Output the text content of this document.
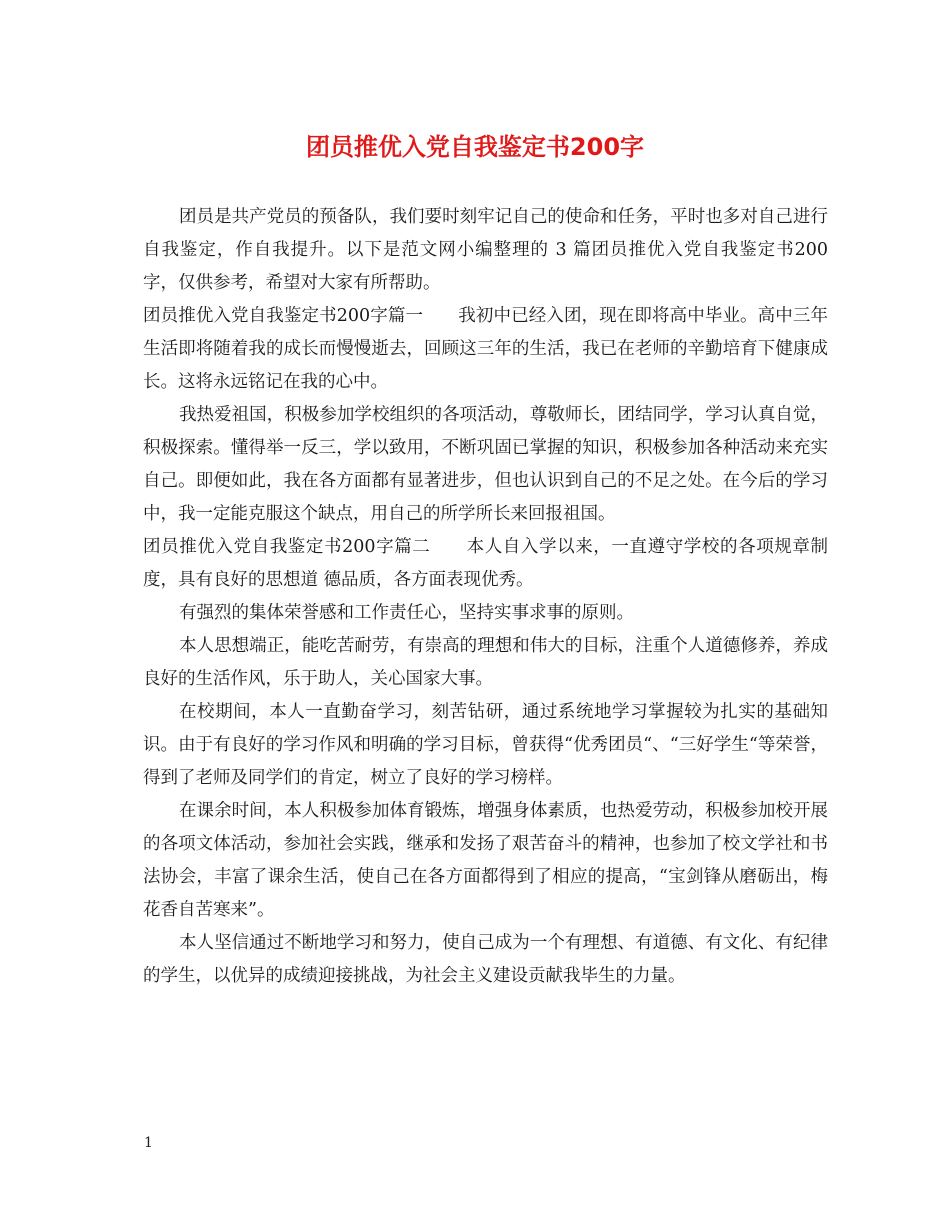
团员推优入党自我鉴定书200字

团员是共产党员的预备队，我们要时刻牢记自己的使命和任务，平时也多对自己进行自我鉴定，作自我提升。以下是范文网小编整理的 3 篇团员推优入党自我鉴定书200字，仅供参考，希望对大家有所帮助。

团员推优入党自我鉴定书200字篇一　　我初中已经入团，现在即将高中毕业。高中三年生活即将随着我的成长而慢慢逝去，回顾这三年的生活，我已在老师的辛勤培育下健康成长。这将永远铭记在我的心中。

我热爱祖国，积极参加学校组织的各项活动，尊敬师长，团结同学，学习认真自觉，积极探索。懂得举一反三，学以致用，不断巩固已掌握的知识，积极参加各种活动来充实自己。即便如此，我在各方面都有显著进步，但也认识到自己的不足之处。在今后的学习中，我一定能克服这个缺点，用自己的所学所长来回报祖国。

团员推优入党自我鉴定书200字篇二　　本人自入学以来，一直遵守学校的各项规章制度，具有良好的思想道 德品质，各方面表现优秀。

有强烈的集体荣誉感和工作责任心，坚持实事求事的原则。

本人思想端正，能吃苦耐劳，有崇高的理想和伟大的目标，注重个人道德修养，养成良好的生活作风，乐于助人，关心国家大事。

在校期间，本人一直勤奋学习，刻苦钻研，通过系统地学习掌握较为扎实的基础知识。由于有良好的学习作风和明确的学习目标，曾获得“优秀团员“、“三好学生“等荣誉，得到了老师及同学们的肯定，树立了良好的学习榜样。

在课余时间，本人积极参加体育锻炼，增强身体素质，也热爱劳动，积极参加校开展的各项文体活动，参加社会实践，继承和发扬了艰苦奋斗的精神，也参加了校文学社和书法协会，丰富了课余生活，使自己在各方面都得到了相应的提高，“宝剑锋从磨砺出，梅花香自苦寒来”。

本人坚信通过不断地学习和努力，使自己成为一个有理想、有道德、有文化、有纪律的学生，以优异的成绩迎接挑战，为社会主义建设贡献我毕生的力量。

1
